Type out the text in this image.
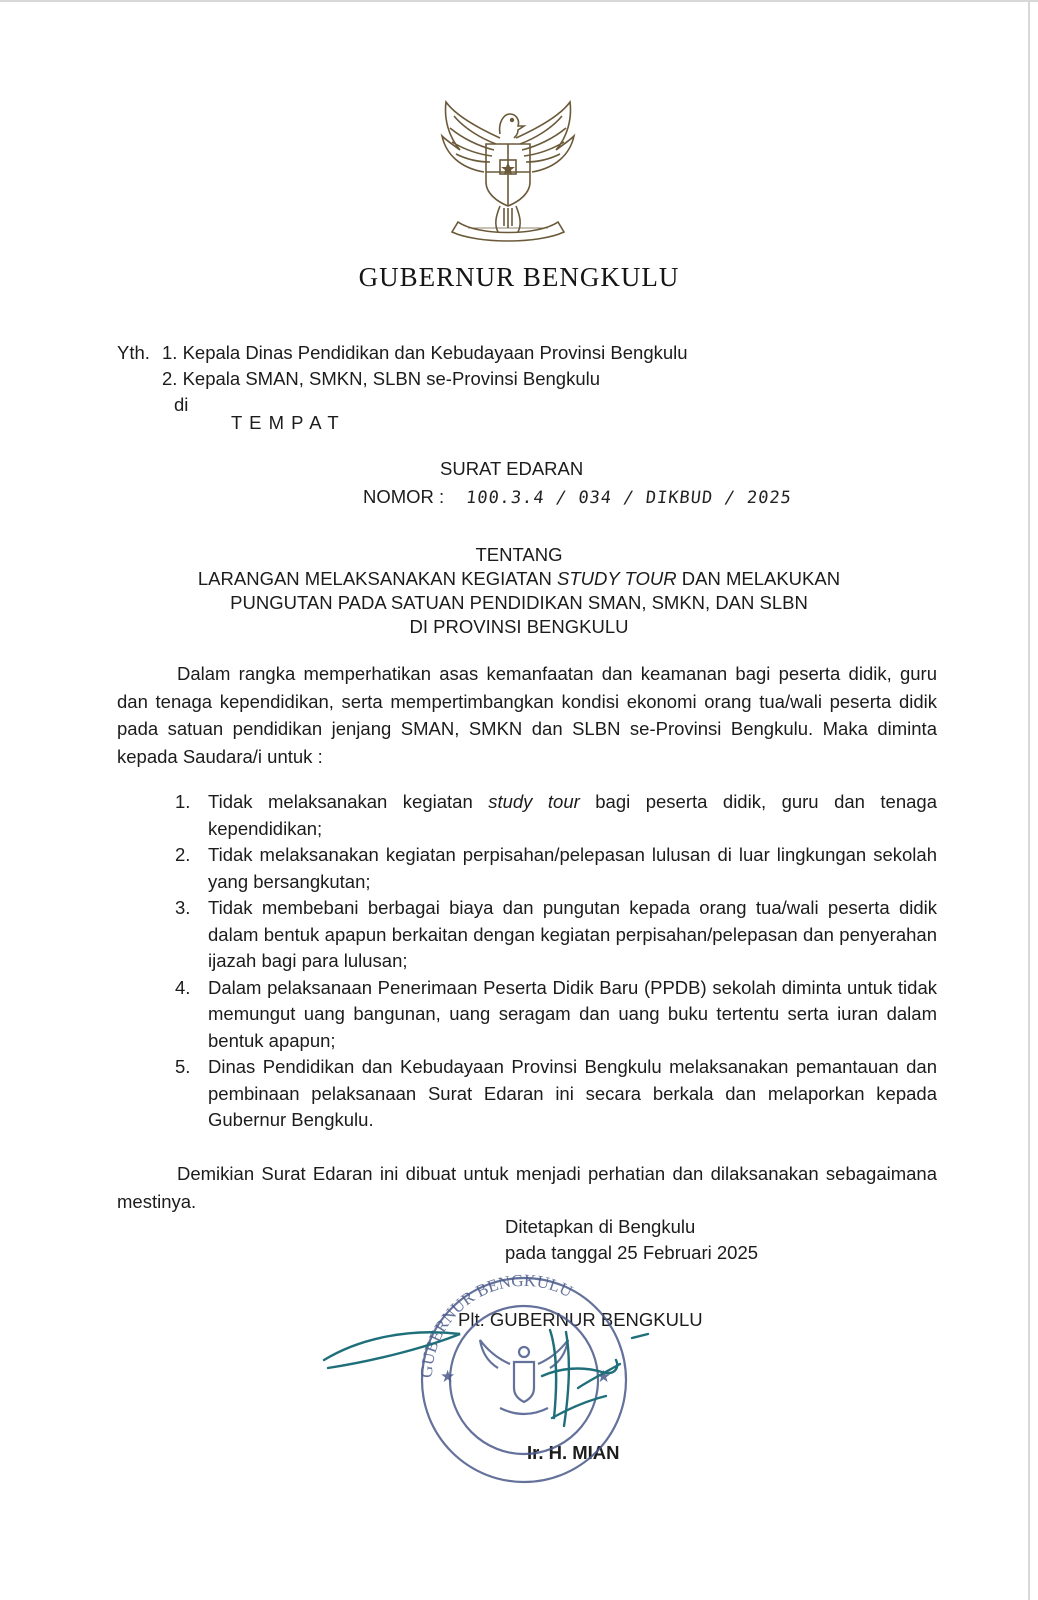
GUBERNUR BENGKULU
Yth. 1. Kepala Dinas Pendidikan dan Kebudayaan Provinsi Bengkulu
2. Kepala SMAN, SMKN, SLBN se-Provinsi Bengkulu
di
T E M P A T
SURAT EDARAN
NOMOR : 100.3.4 / 034 / DIKBUD / 2025
TENTANG
LARANGAN MELAKSANAKAN KEGIATAN STUDY TOUR DAN MELAKUKAN
PUNGUTAN PADA SATUAN PENDIDIKAN SMAN, SMKN, DAN SLBN
DI PROVINSI BENGKULU
Dalam rangka memperhatikan asas kemanfaatan dan keamanan bagi peserta didik, guru dan tenaga kependidikan, serta mempertimbangkan kondisi ekonomi orang tua/wali peserta didik pada satuan pendidikan jenjang SMAN, SMKN dan SLBN se-Provinsi Bengkulu. Maka diminta kepada Saudara/i untuk :
1. Tidak melaksanakan kegiatan study tour bagi peserta didik, guru dan tenaga kependidikan;
2. Tidak melaksanakan kegiatan perpisahan/pelepasan lulusan di luar lingkungan sekolah yang bersangkutan;
3. Tidak membebani berbagai biaya dan pungutan kepada orang tua/wali peserta didik dalam bentuk apapun berkaitan dengan kegiatan perpisahan/pelepasan dan penyerahan ijazah bagi para lulusan;
4. Dalam pelaksanaan Penerimaan Peserta Didik Baru (PPDB) sekolah diminta untuk tidak memungut uang bangunan, uang seragam dan uang buku tertentu serta iuran dalam bentuk apapun;
5. Dinas Pendidikan dan Kebudayaan Provinsi Bengkulu melaksanakan pemantauan dan pembinaan pelaksanaan Surat Edaran ini secara berkala dan melaporkan kepada Gubernur Bengkulu.
Demikian Surat Edaran ini dibuat untuk menjadi perhatian dan dilaksanakan sebagaimana mestinya.
Ditetapkan di Bengkulu
pada tanggal 25 Februari 2025
Plt. GUBERNUR BENGKULU
Ir. H. MIAN
GUBERNUR BENGKULU
★	★
